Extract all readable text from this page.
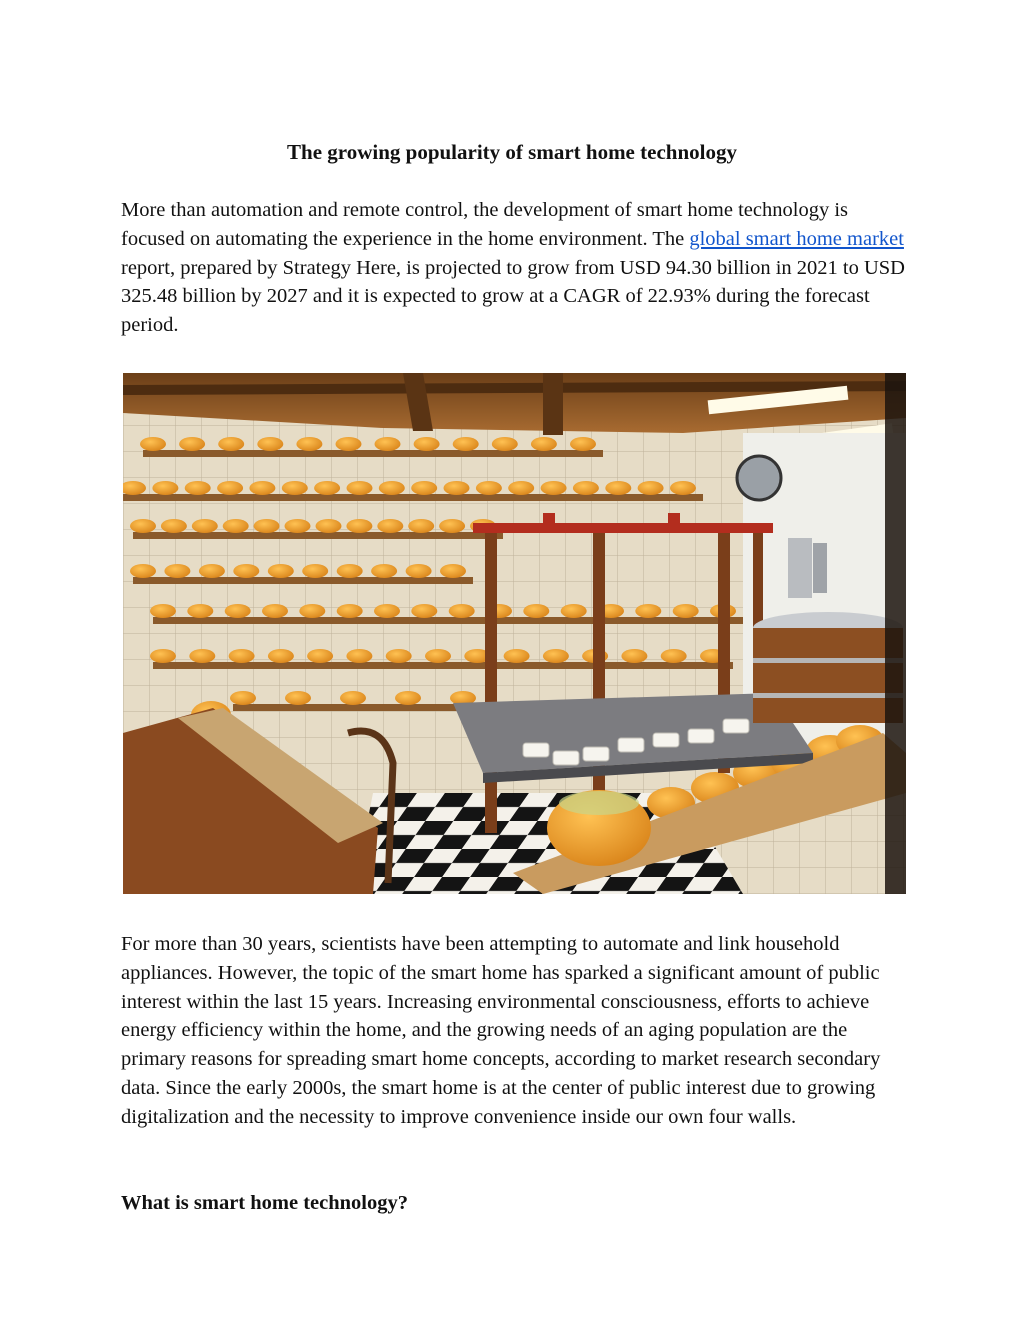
The growing popularity of smart home technology

More than automation and remote control, the development of smart home technology is focused on automating the experience in the home environment. The global smart home market report, prepared by Strategy Here, is projected to grow from USD 94.30 billion in 2021 to USD 325.48 billion by 2027 and it is expected to grow at a CAGR of 22.93% during the forecast period.

For more than 30 years, scientists have been attempting to automate and link household appliances. However, the topic of the smart home has sparked a significant amount of public interest within the last 15 years. Increasing environmental consciousness, efforts to achieve energy efficiency within the home, and the growing needs of an aging population are the primary reasons for spreading smart home concepts, according to market research secondary data. Since the early 2000s, the smart home is at the center of public interest due to growing digitalization and the necessity to improve convenience inside our own four walls.

What is smart home technology?
